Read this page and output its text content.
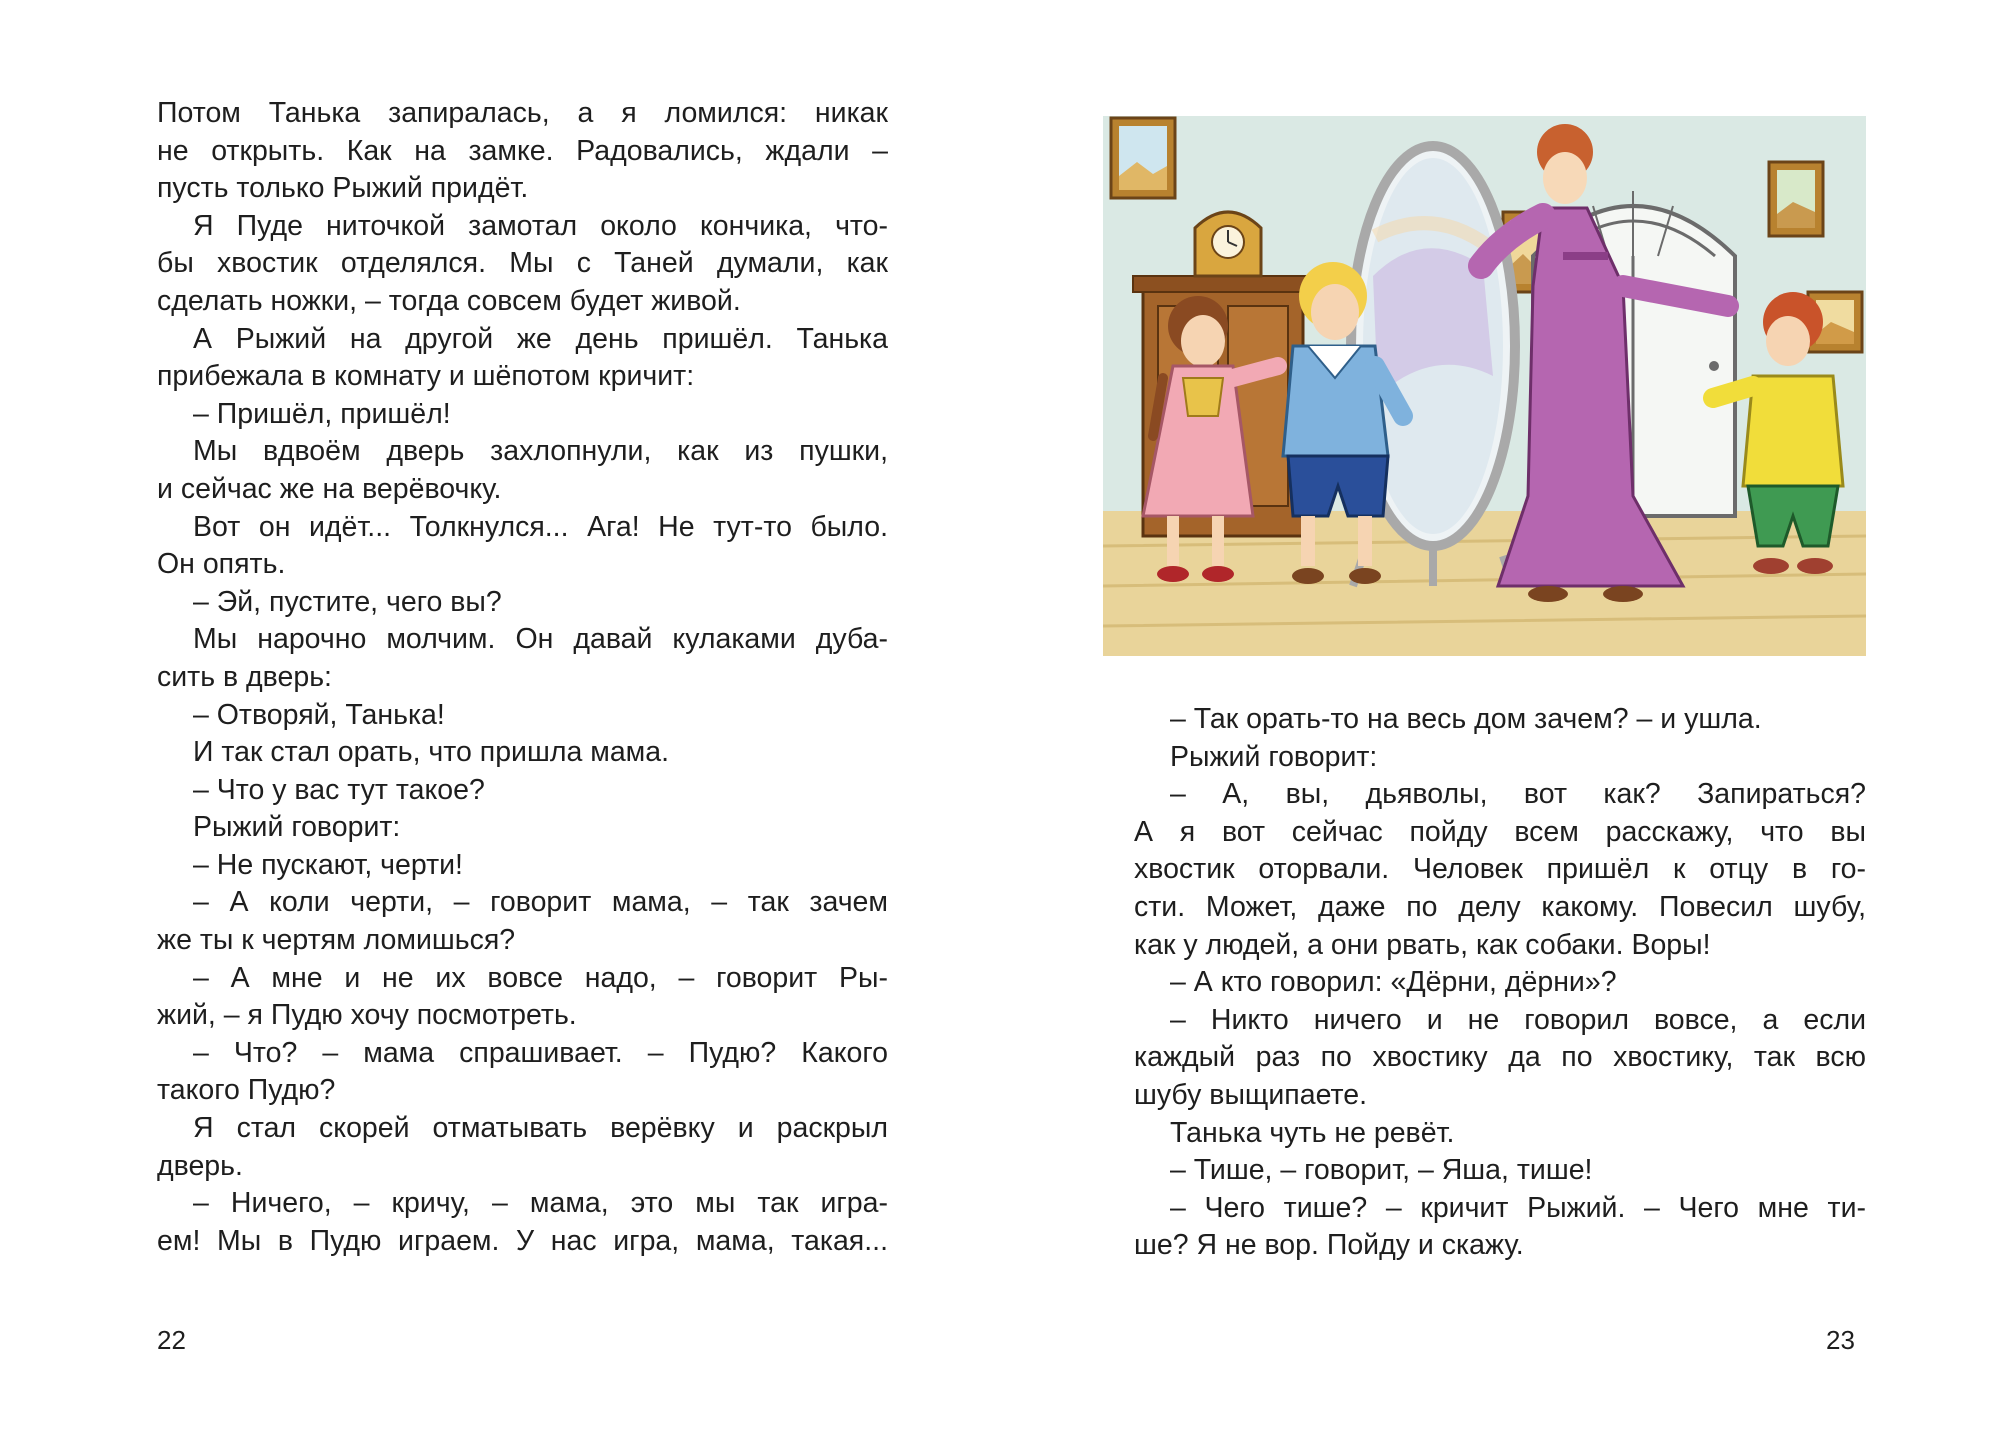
Потом Танька запиралась, а я ломился: никак
не открыть. Как на замке. Радовались, ждали –
пусть только Рыжий придёт.
Я Пуде ниточкой замотал около кончика, что-
бы хвостик отделялся. Мы с Таней думали, как
сделать ножки, – тогда совсем будет живой.
А Рыжий на другой же день пришёл. Танька
прибежала в комнату и шёпотом кричит:
– Пришёл, пришёл!
Мы вдвоём дверь захлопнули, как из пушки,
и сейчас же на верёвочку.
Вот он идёт... Толкнулся... Ага! Не тут-то было.
Он опять.
– Эй, пустите, чего вы?
Мы нарочно молчим. Он давай кулаками дуба-
сить в дверь:
– Отворяй, Танька!
И так стал орать, что пришла мама.
– Что у вас тут такое?
Рыжий говорит:
– Не пускают, черти!
– А коли черти, – говорит мама, – так зачем
же ты к чертям ломишься?
– А мне и не их вовсе надо, – говорит Ры-
жий, – я Пудю хочу посмотреть.
– Что? – мама спрашивает. – Пудю? Какого
такого Пудю?
Я стал скорей отматывать верёвку и раскрыл
дверь.
– Ничего, – кричу, – мама, это мы так игра-
ем! Мы в Пудю играем. У нас игра, мама, такая...
22
– Так орать-то на весь дом зачем? – и ушла.
Рыжий говорит:
– А, вы, дьяволы, вот как? Запираться?
А я вот сейчас пойду всем расскажу, что вы
хвостик оторвали. Человек пришёл к отцу в го-
сти. Может, даже по делу какому. Повесил шубу,
как у людей, а они рвать, как собаки. Воры!
– А кто говорил: «Дёрни, дёрни»?
– Никто ничего и не говорил вовсе, а если
каждый раз по хвостику да по хвостику, так всю
шубу выщипаете.
Танька чуть не ревёт.
– Тише, – говорит, – Яша, тише!
– Чего тише? – кричит Рыжий. – Чего мне ти-
ше? Я не вор. Пойду и скажу.
23
